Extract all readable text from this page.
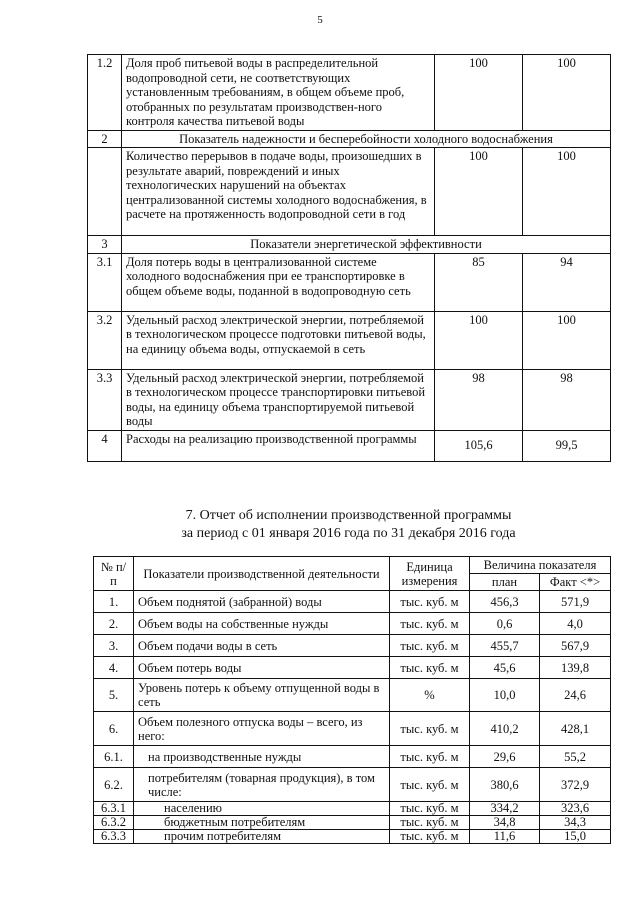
5
1.2	Доля проб питьевой воды в распределительной водопроводной сети, не соответствующих установленным требованиям, в общем объеме проб, отобранных по результатам производствен-ного контроля качества питьевой воды	100	100
2	Показатель надежности и бесперебойности холодного водоснабжения		
	Количество перерывов в подаче воды, произошедших в результате аварий, повреждений и иных технологических нарушений на объектах централизованной системы холодного водоснабжения, в расчете на протяженность водопроводной сети в год	100	100
3	Показатели энергетической эффективности		
3.1	Доля потерь воды в централизованной системе холодного водоснабжения при ее транспортировке в общем объеме воды, поданной в водопроводную сеть	85	94
3.2	Удельный расход электрической энергии, потребляемой в технологическом процессе подготовки питьевой воды, на единицу объема воды, отпускаемой в сеть	100	100
3.3	Удельный расход электрической энергии, потребляемой в технологическом процессе транспортировки питьевой воды, на единицу объема транспортируемой питьевой воды	98	98
4	Расходы на реализацию производственной программы	105,6	99,5
7. Отчет об исполнении производственной программы
за период с 01 января 2016 года по 31 декабря 2016 года
№ п/п	Показатели производственной деятельности	Единица измерения	Величина показателя	
			план	Факт <*>
1.	Объем поднятой (забранной) воды	тыс. куб. м	456,3	571,9
2.	Объем воды на собственные нужды	тыс. куб. м	0,6	4,0
3.	Объем подачи воды в сеть	тыс. куб. м	455,7	567,9
4.	Объем потерь воды	тыс. куб. м	45,6	139,8
5.	Уровень потерь к объему отпущенной воды в сеть	%	10,0	24,6
6.	Объем полезного отпуска воды – всего, из него:	тыс. куб. м	410,2	428,1
6.1.	на производственные нужды	тыс. куб. м	29,6	55,2
6.2.	потребителям (товарная продукция), в том числе:	тыс. куб. м	380,6	372,9
6.3.1	населению	тыс. куб. м	334,2	323,6
6.3.2	бюджетным потребителям	тыс. куб. м	34,8	34,3
6.3.3	прочим потребителям	тыс. куб. м	11,6	15,0
